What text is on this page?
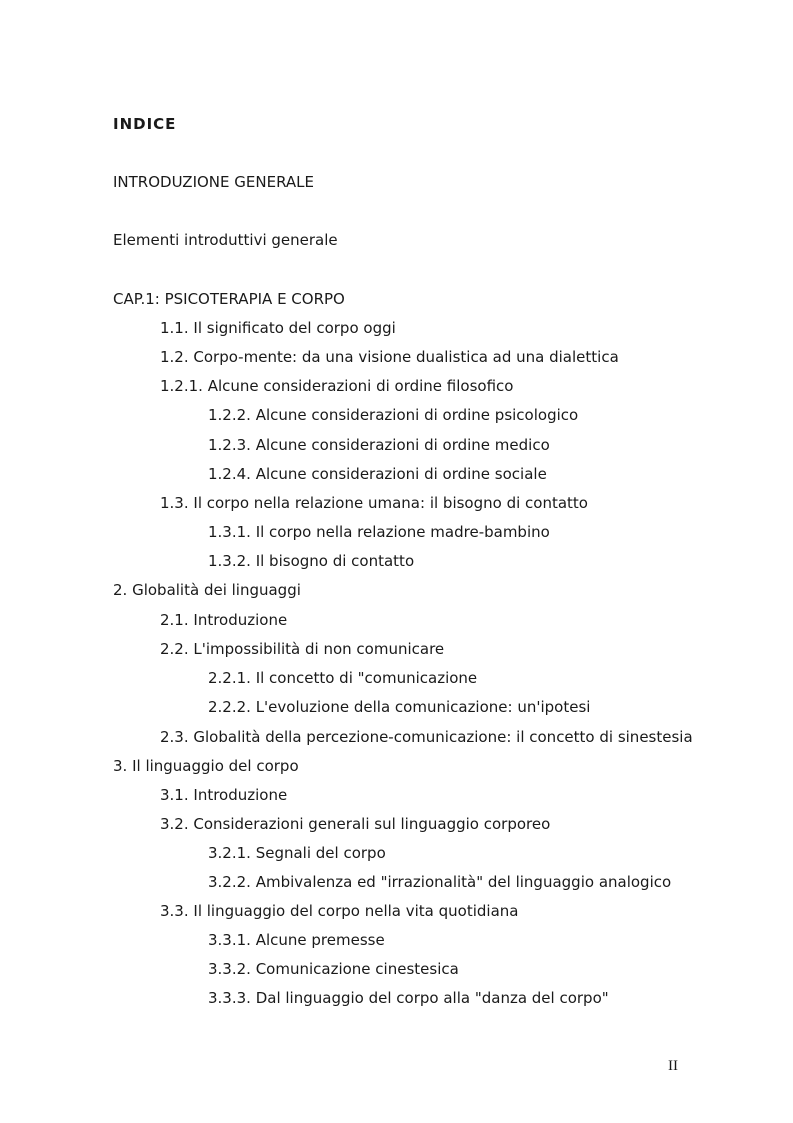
INDICE

INTRODUZIONE GENERALE

Elementi introduttivi generale

CAP.1: PSICOTERAPIA E CORPO

1.1. Il significato del corpo oggi

1.2. Corpo-mente: da una visione dualistica ad una dialettica

1.2.1. Alcune considerazioni di ordine filosofico

1.2.2. Alcune considerazioni di ordine psicologico

1.2.3. Alcune considerazioni di ordine medico

1.2.4. Alcune considerazioni di ordine sociale

1.3. Il corpo nella relazione umana: il bisogno di contatto

1.3.1. Il corpo nella relazione madre-bambino

1.3.2. Il bisogno di contatto

2. Globalità dei linguaggi

2.1. Introduzione

2.2. L'impossibilità di non comunicare

2.2.1. Il concetto di "comunicazione

2.2.2. L'evoluzione della comunicazione: un'ipotesi

2.3. Globalità della percezione-comunicazione: il concetto di sinestesia

3. Il linguaggio del corpo

3.1. Introduzione

3.2. Considerazioni generali sul linguaggio corporeo

3.2.1. Segnali del corpo

3.2.2. Ambivalenza ed "irrazionalità" del linguaggio analogico

3.3. Il linguaggio del corpo nella vita quotidiana

3.3.1. Alcune premesse

3.3.2. Comunicazione cinestesica

3.3.3. Dal linguaggio del corpo alla "danza del corpo"

II
